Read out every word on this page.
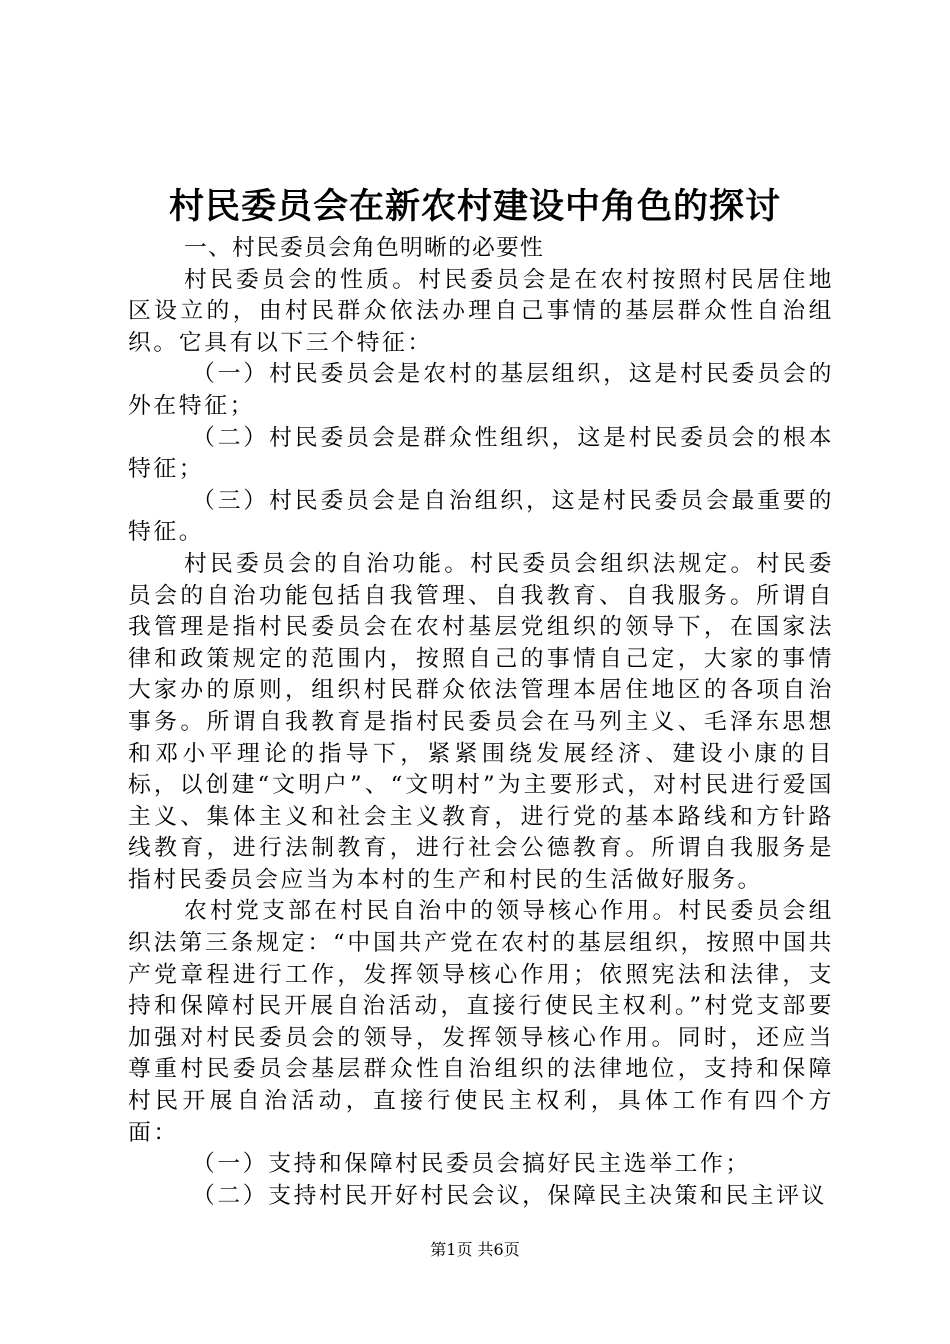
村民委员会在新农村建设中角色的探讨

一、村民委员会角色明晰的必要性

村民委员会的性质。村民委员会是在农村按照村民居住地区设立的，由村民群众依法办理自己事情的基层群众性自治组织。它具有以下三个特征：

（一）村民委员会是农村的基层组织，这是村民委员会的外在特征；

（二）村民委员会是群众性组织，这是村民委员会的根本特征；

（三）村民委员会是自治组织，这是村民委员会最重要的特征。

村民委员会的自治功能。村民委员会组织法规定。村民委员会的自治功能包括自我管理、自我教育、自我服务。所谓自我管理是指村民委员会在农村基层党组织的领导下，在国家法律和政策规定的范围内，按照自己的事情自己定，大家的事情大家办的原则，组织村民群众依法管理本居住地区的各项自治事务。所谓自我教育是指村民委员会在马列主义、毛泽东思想和邓小平理论的指导下，紧紧围绕发展经济、建设小康的目标，以创建“文明户”、“文明村”为主要形式，对村民进行爱国主义、集体主义和社会主义教育，进行党的基本路线和方针路线教育，进行法制教育，进行社会公德教育。所谓自我服务是指村民委员会应当为本村的生产和村民的生活做好服务。

农村党支部在村民自治中的领导核心作用。村民委员会组织法第三条规定：“中国共产党在农村的基层组织，按照中国共产党章程进行工作，发挥领导核心作用；依照宪法和法律，支持和保障村民开展自治活动，直接行使民主权利。”村党支部要加强对村民委员会的领导，发挥领导核心作用。同时，还应当尊重村民委员会基层群众性自治组织的法律地位，支持和保障村民开展自治活动，直接行使民主权利，具体工作有四个方面：

（一）支持和保障村民委员会搞好民主选举工作；

（二）支持村民开好村民会议，保障民主决策和民主评议

第1页 共6页
